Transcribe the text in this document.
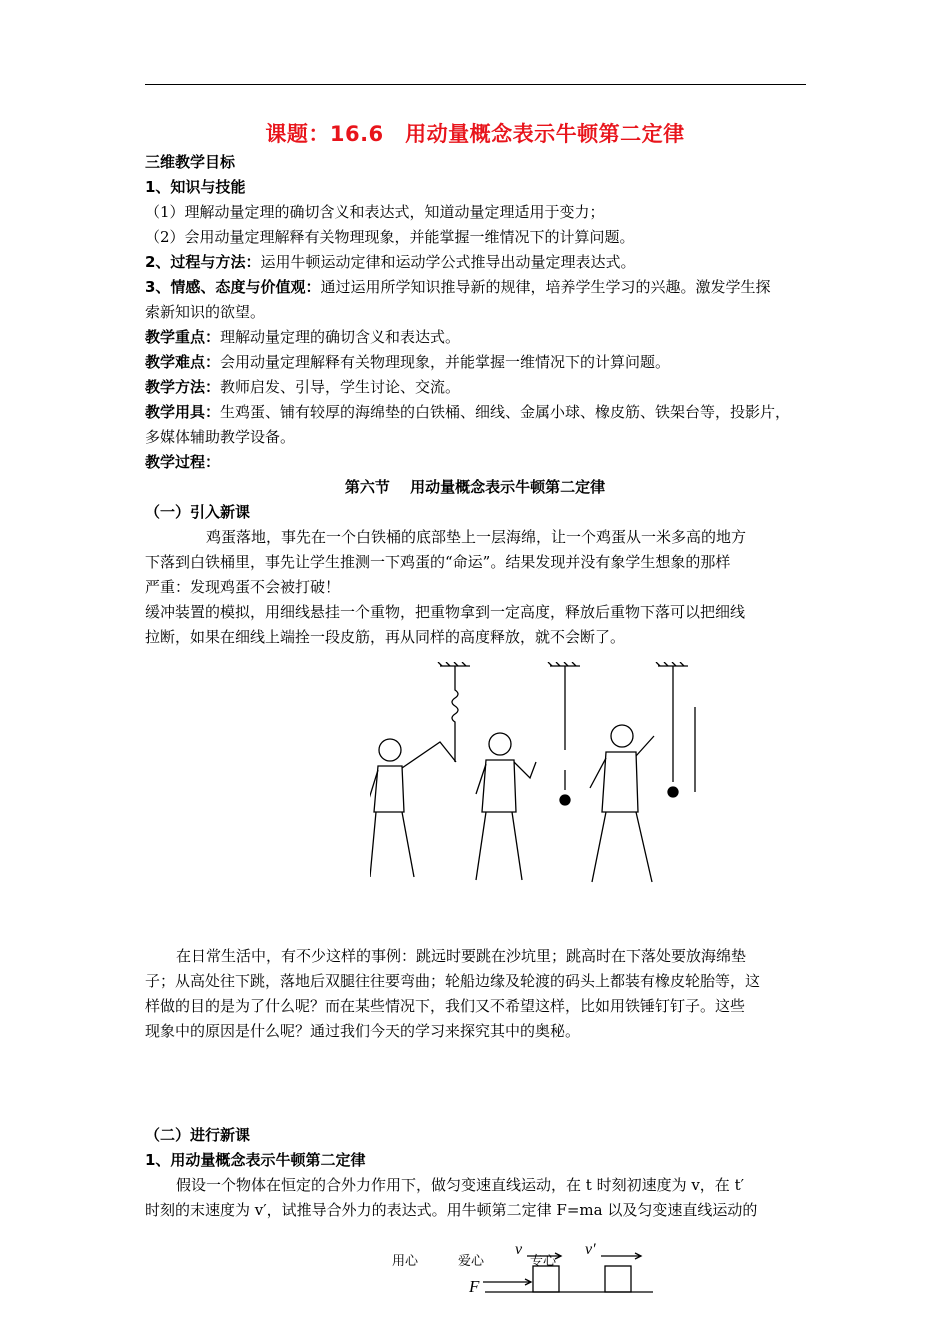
课题：16.6　用动量概念表示牛顿第二定律
三维教学目标
1、知识与技能
（1）理解动量定理的确切含义和表达式，知道动量定理适用于变力；
（2）会用动量定理解释有关物理现象，并能掌握一维情况下的计算问题。
2、过程与方法：运用牛顿运动定律和运动学公式推导出动量定理表达式。
3、情感、态度与价值观：通过运用所学知识推导新的规律，培养学生学习的兴趣。激发学生探
索新知识的欲望。
教学重点：理解动量定理的确切含义和表达式。
教学难点：会用动量定理解释有关物理现象，并能掌握一维情况下的计算问题。
教学方法：教师启发、引导，学生讨论、交流。
教学用具：生鸡蛋、铺有较厚的海绵垫的白铁桶、细线、金属小球、橡皮筋、铁架台等，投影片，
多媒体辅助教学设备。
教学过程：
第六节　 用动量概念表示牛顿第二定律
（一）引入新课
鸡蛋落地，事先在一个白铁桶的底部垫上一层海绵，让一个鸡蛋从一米多高的地方
下落到白铁桶里，事先让学生推测一下鸡蛋的“命运”。结果发现并没有象学生想象的那样
严重：发现鸡蛋不会被打破！
缓冲装置的模拟，用细线悬挂一个重物，把重物拿到一定高度，释放后重物下落可以把细线
拉断，如果在细线上端拴一段皮筋，再从同样的高度释放，就不会断了。
在日常生活中，有不少这样的事例：跳远时要跳在沙坑里；跳高时在下落处要放海绵垫
子；从高处往下跳，落地后双腿往往要弯曲；轮船边缘及轮渡的码头上都装有橡皮轮胎等，这
样做的目的是为了什么呢？而在某些情况下，我们又不希望这样，比如用铁锤钉钉子。这些
现象中的原因是什么呢？通过我们今天的学习来探究其中的奥秘。
（二）进行新课
1、用动量概念表示牛顿第二定律
假设一个物体在恒定的合外力作用下，做匀变速直线运动，在 t 时刻初速度为 v，在 t′
时刻的末速度为 v′，试推导合外力的表达式。用牛顿第二定律 F=ma 以及匀变速直线运动的
用心	爱心	专心
v	v′
F
